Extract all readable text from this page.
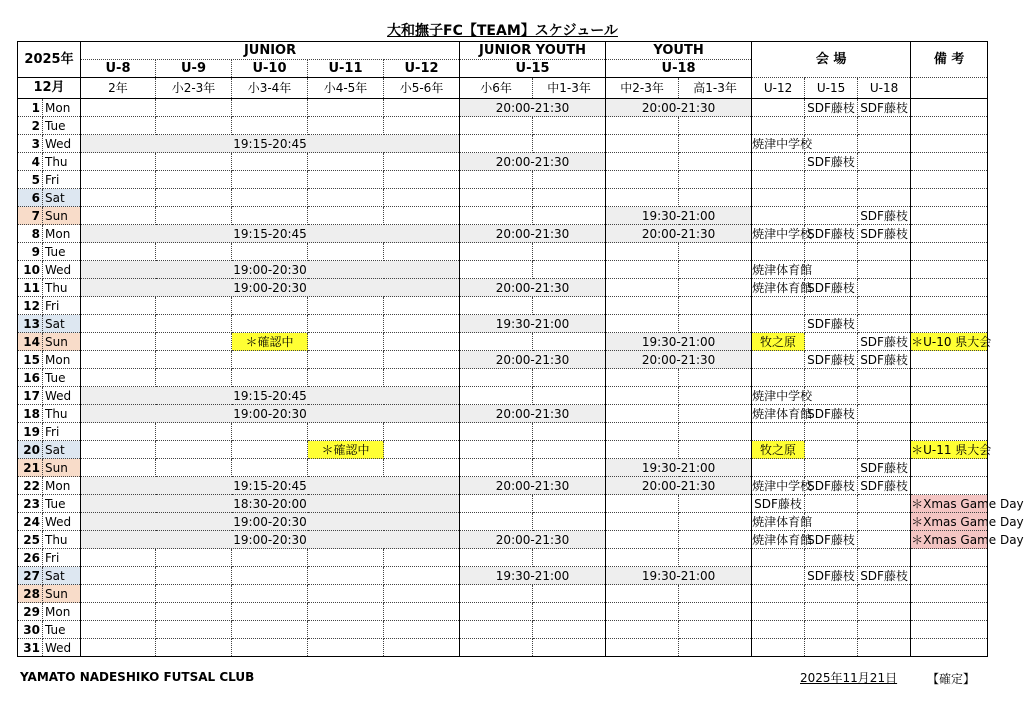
大和撫子FC【TEAM】スケジュール
2025年		JUNIOR					JUNIOR YOUTH		YOUTH		会 場			備 考
		U-8	U-9	U-10	U-11	U-12	U-15		U-18					
12月		2年	小2-3年	小3-4年	小4-5年	小5-6年	小6年	中1-3年	中2-3年	高1-3年	U-12	U-15	U-18	
1	Mon						20:00-21:30		20:00-21:30			SDF藤枝	SDF藤枝	
2	Tue													
3	Wed	19:15-20:45									焼津中学校			
4	Thu						20:00-21:30					SDF藤枝		
5	Fri													
6	Sat													
7	Sun								19:30-21:00				SDF藤枝	
8	Mon	19:15-20:45					20:00-21:30		20:00-21:30		焼津中学校	SDF藤枝	SDF藤枝	
9	Tue													
10	Wed	19:00-20:30									焼津体育館			
11	Thu	19:00-20:30					20:00-21:30				焼津体育館	SDF藤枝		
12	Fri													
13	Sat						19:30-21:00					SDF藤枝		
14	Sun			＊確認中					19:30-21:00		牧之原		SDF藤枝	＊U-10 県大会
15	Mon						20:00-21:30		20:00-21:30			SDF藤枝	SDF藤枝	
16	Tue													
17	Wed	19:15-20:45									焼津中学校			
18	Thu	19:00-20:30					20:00-21:30				焼津体育館	SDF藤枝		
19	Fri													
20	Sat				＊確認中						牧之原			＊U-11 県大会
21	Sun								19:30-21:00				SDF藤枝	
22	Mon	19:15-20:45					20:00-21:30		20:00-21:30		焼津中学校	SDF藤枝	SDF藤枝	
23	Tue	18:30-20:00									SDF藤枝			＊Xmas Game Day
24	Wed	19:00-20:30									焼津体育館			＊Xmas Game Day
25	Thu	19:00-20:30					20:00-21:30				焼津体育館	SDF藤枝		＊Xmas Game Day
26	Fri													
27	Sat						19:30-21:00		19:30-21:00			SDF藤枝	SDF藤枝	
28	Sun													
29	Mon													
30	Tue													
31	Wed													
YAMATO NADESHIKO FUTSAL CLUB	2025年11月21日 【確定】
